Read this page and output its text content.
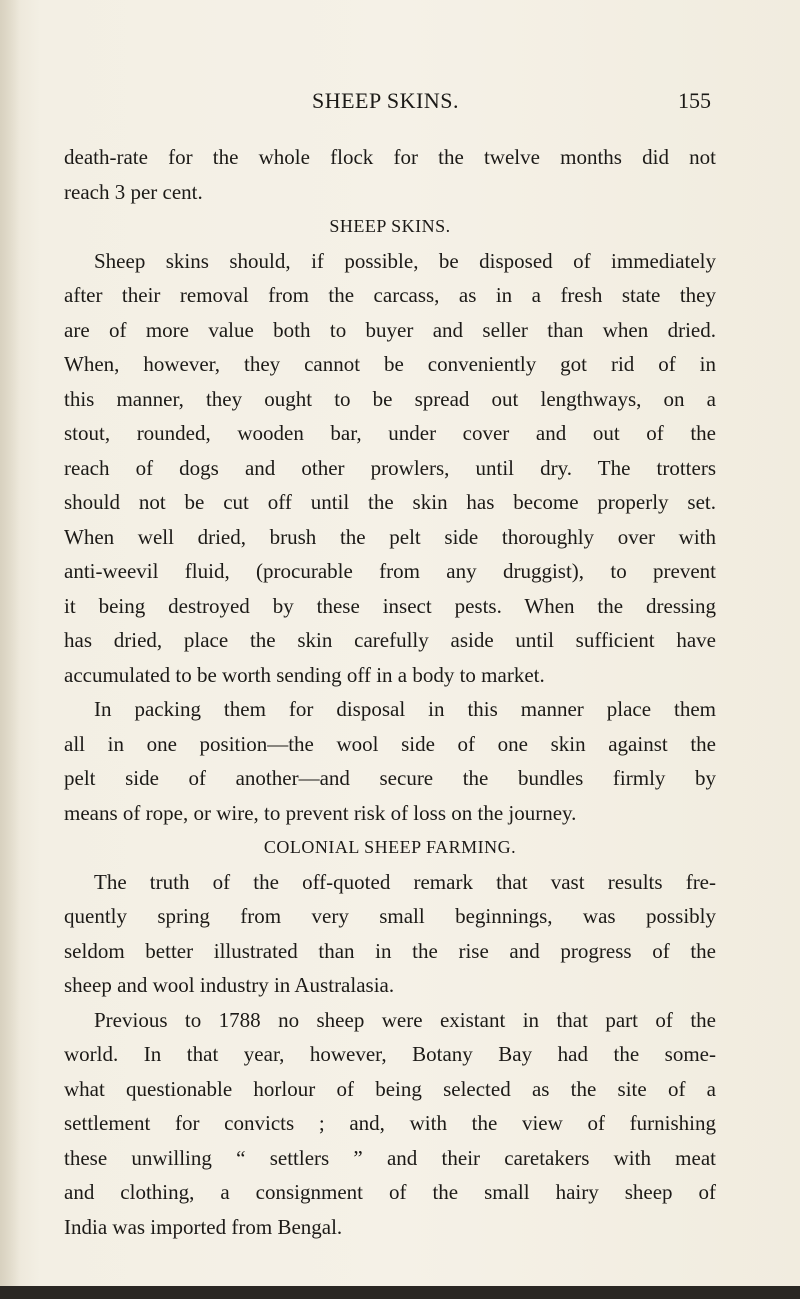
SHEEP SKINS.	155
death-rate for the whole flock for the twelve months did not
reach 3 per cent.
SHEEP SKINS.
Sheep skins should, if possible, be disposed of immediately
after their removal from the carcass, as in a fresh state they
are of more value both to buyer and seller than when dried.
When, however, they cannot be conveniently got rid of in
this manner, they ought to be spread out lengthways, on a
stout, rounded, wooden bar, under cover and out of the
reach of dogs and other prowlers, until dry. The trotters
should not be cut off until the skin has become properly set.
When well dried, brush the pelt side thoroughly over with
anti-weevil fluid, (procurable from any druggist), to prevent
it being destroyed by these insect pests. When the dressing
has dried, place the skin carefully aside until sufficient have
accumulated to be worth sending off in a body to market.
In packing them for disposal in this manner place them
all in one position—the wool side of one skin against the
pelt side of another—and secure the bundles firmly by
means of rope, or wire, to prevent risk of loss on the journey.
COLONIAL SHEEP FARMING.
The truth of the off-quoted remark that vast results fre-
quently spring from very small beginnings, was possibly
seldom better illustrated than in the rise and progress of the
sheep and wool industry in Australasia.
Previous to 1788 no sheep were existant in that part of the
world. In that year, however, Botany Bay had the some-
what questionable horlour of being selected as the site of a
settlement for convicts ; and, with the view of furnishing
these unwilling “ settlers ” and their caretakers with meat
and clothing, a consignment of the small hairy sheep of
India was imported from Bengal.
